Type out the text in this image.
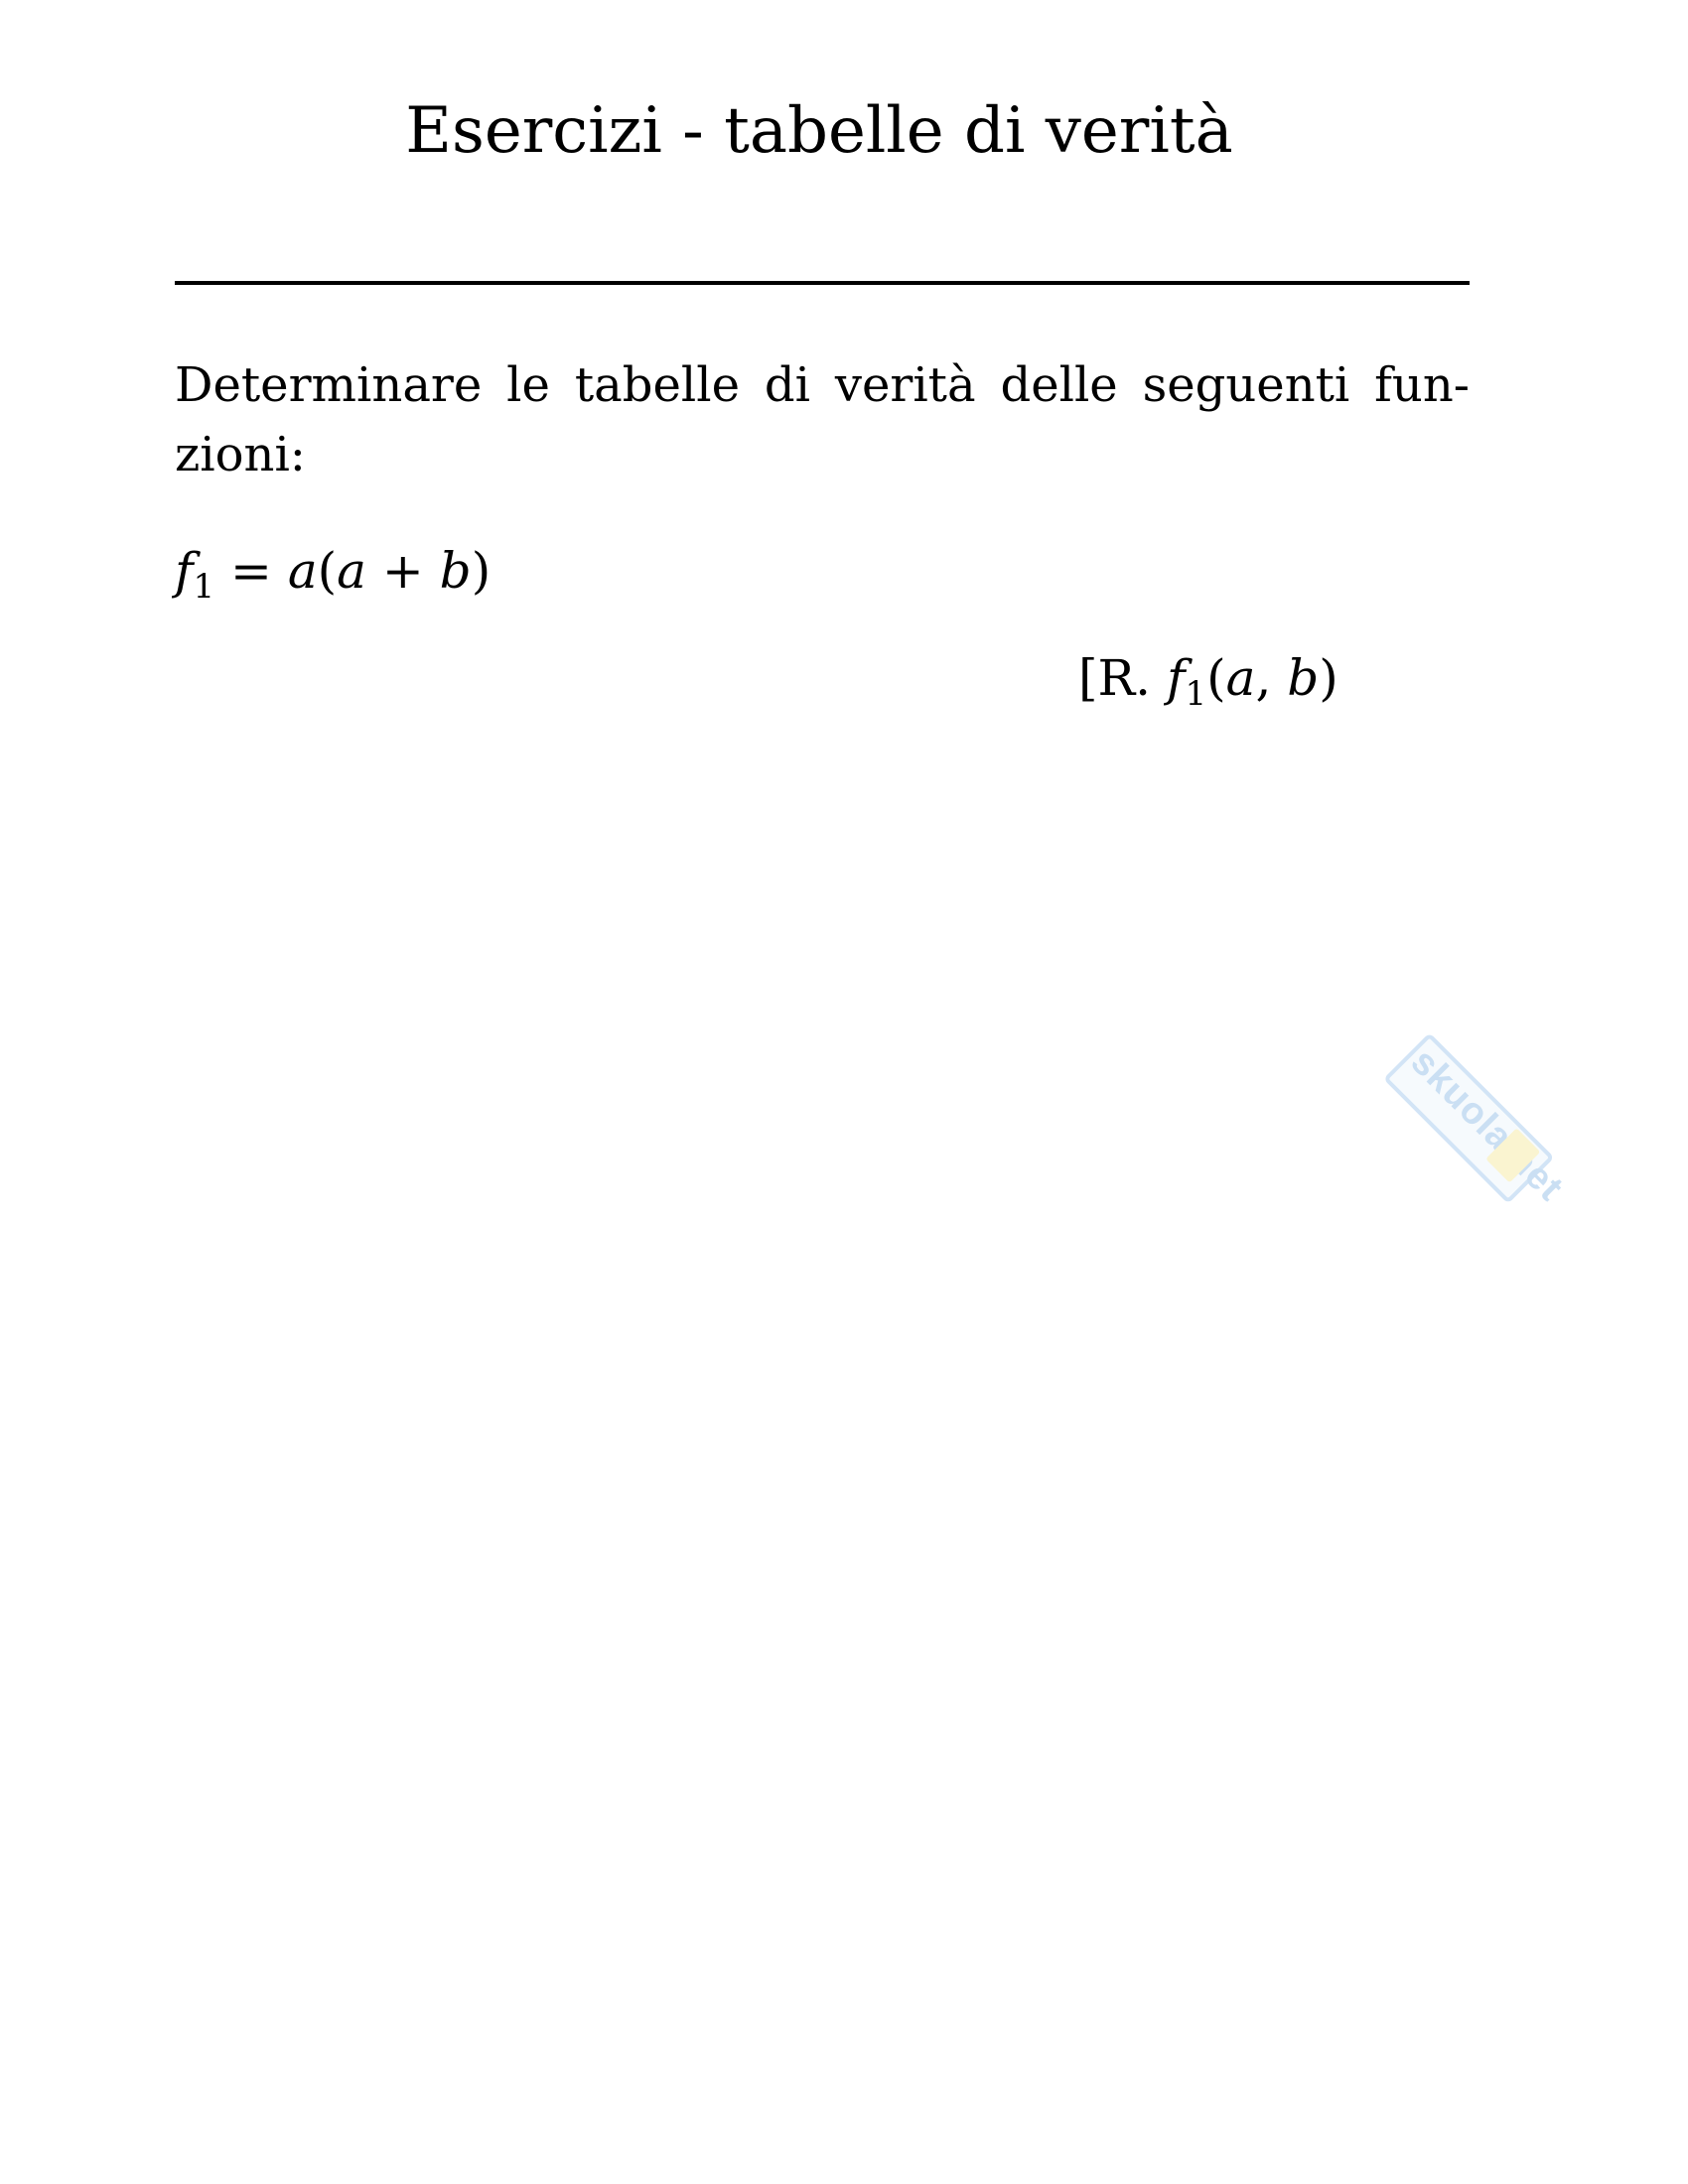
Esercizi - tabelle di verità
Determinare le tabelle di verità delle seguenti fun-
zioni:
$f_1 = a(a + b)$
[R. $f_1(a$, b)
skuola.net
